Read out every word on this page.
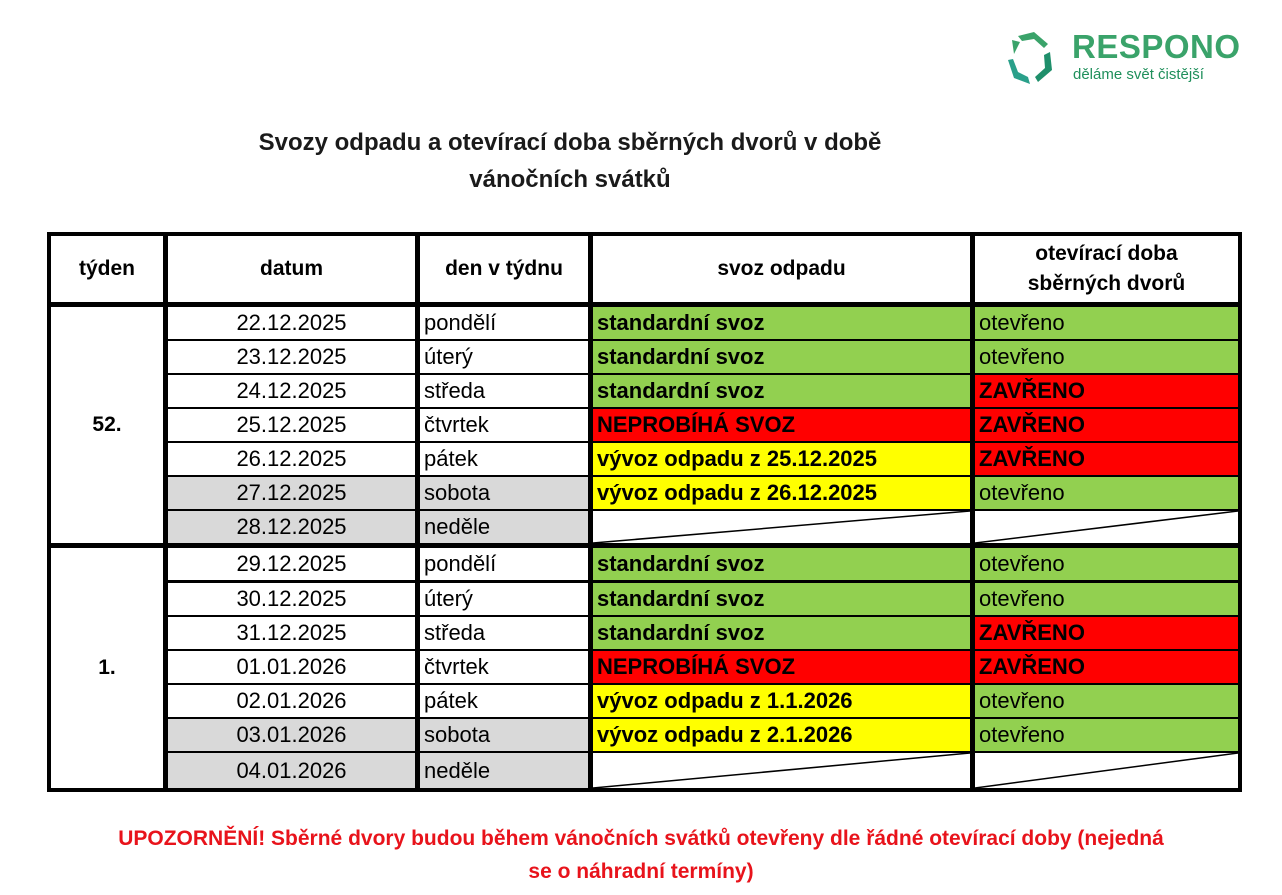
RESPONO
děláme svět čistější
Svozy odpadu a otevírací doba sběrných dvorů v době
vánočních svátků
týden	datum	den v týdnu	svoz odpadu
otevírací doba
sběrných dvorů
52.
22.12.2025	pondělí	standardní svoz	otevřeno
23.12.2025	úterý	standardní svoz	otevřeno
24.12.2025	středa	standardní svoz	ZAVŘENO
25.12.2025	čtvrtek	NEPROBÍHÁ SVOZ	ZAVŘENO
26.12.2025	pátek	vývoz odpadu z 25.12.2025	ZAVŘENO
27.12.2025	sobota	vývoz odpadu z 26.12.2025	otevřeno
28.12.2025	neděle
1.
29.12.2025	pondělí	standardní svoz	otevřeno
30.12.2025	úterý	standardní svoz	otevřeno
31.12.2025	středa	standardní svoz	ZAVŘENO
01.01.2026	čtvrtek	NEPROBÍHÁ SVOZ	ZAVŘENO
02.01.2026	pátek	vývoz odpadu z 1.1.2026	otevřeno
03.01.2026	sobota	vývoz odpadu z 2.1.2026	otevřeno
04.01.2026	neděle
UPOZORNĚNÍ! Sběrné dvory budou během vánočních svátků otevřeny dle řádné otevírací doby (nejedná
se o náhradní termíny)
